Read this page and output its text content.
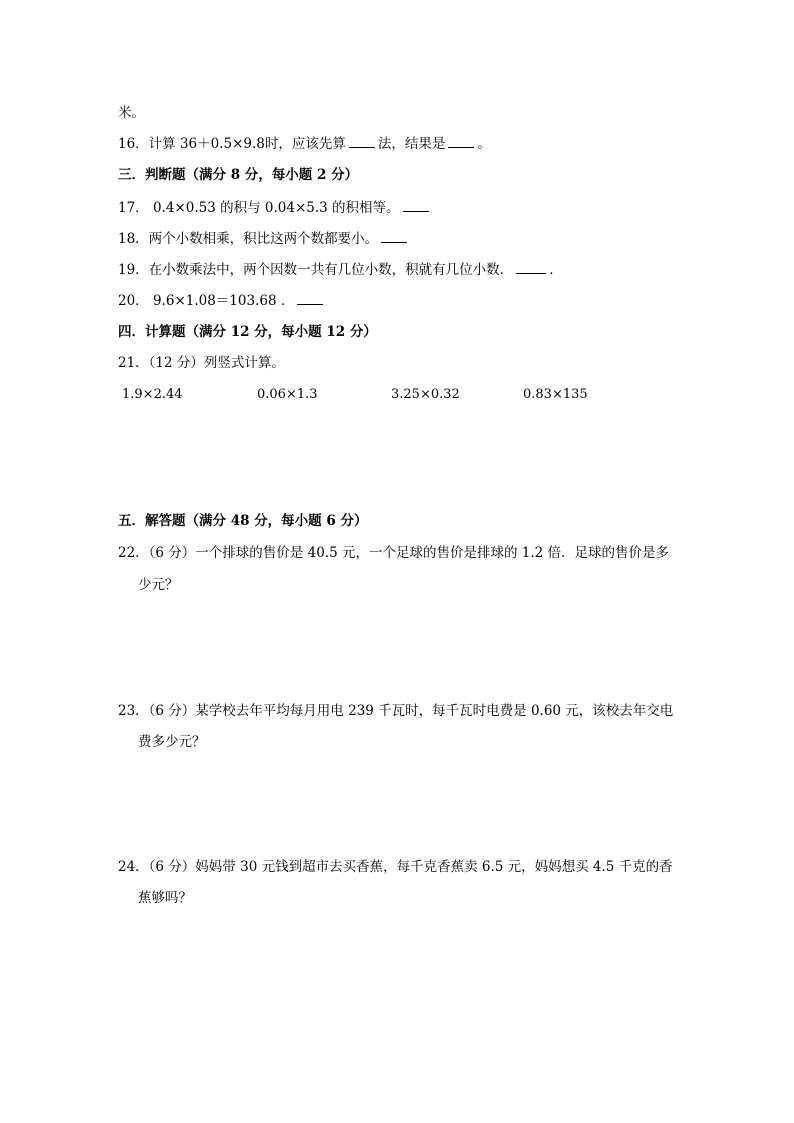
米。
16．计算 36＋0.5×9.8时，应该先算 法，结果是 。
三．判断题（满分 8 分，每小题 2 分）
17． 0.4×0.53 的积与 0.04×5.3 的积相等。
18．两个小数相乘，积比这两个数都要小。
19．在小数乘法中，两个因数一共有几位小数，积就有几位小数．	．
20． 9.6×1.08＝103.68 ．
四．计算题（满分 12 分，每小题 12 分）
21．（12 分）列竖式计算。
1.9×2.44	0.06×1.3	3.25×0.32	0.83×135
五．解答题（满分 48 分，每小题 6 分）
22．（6 分）一个排球的售价是 40.5 元，一个足球的售价是排球的 1.2 倍．足球的售价是多
少元？
23．（6 分）某学校去年平均每月用电 239 千瓦时，每千瓦时电费是 0.60 元，该校去年交电
费多少元？
24．（6 分）妈妈带 30 元钱到超市去买香蕉，每千克香蕉卖 6.5 元，妈妈想买 4.5 千克的香
蕉够吗？
